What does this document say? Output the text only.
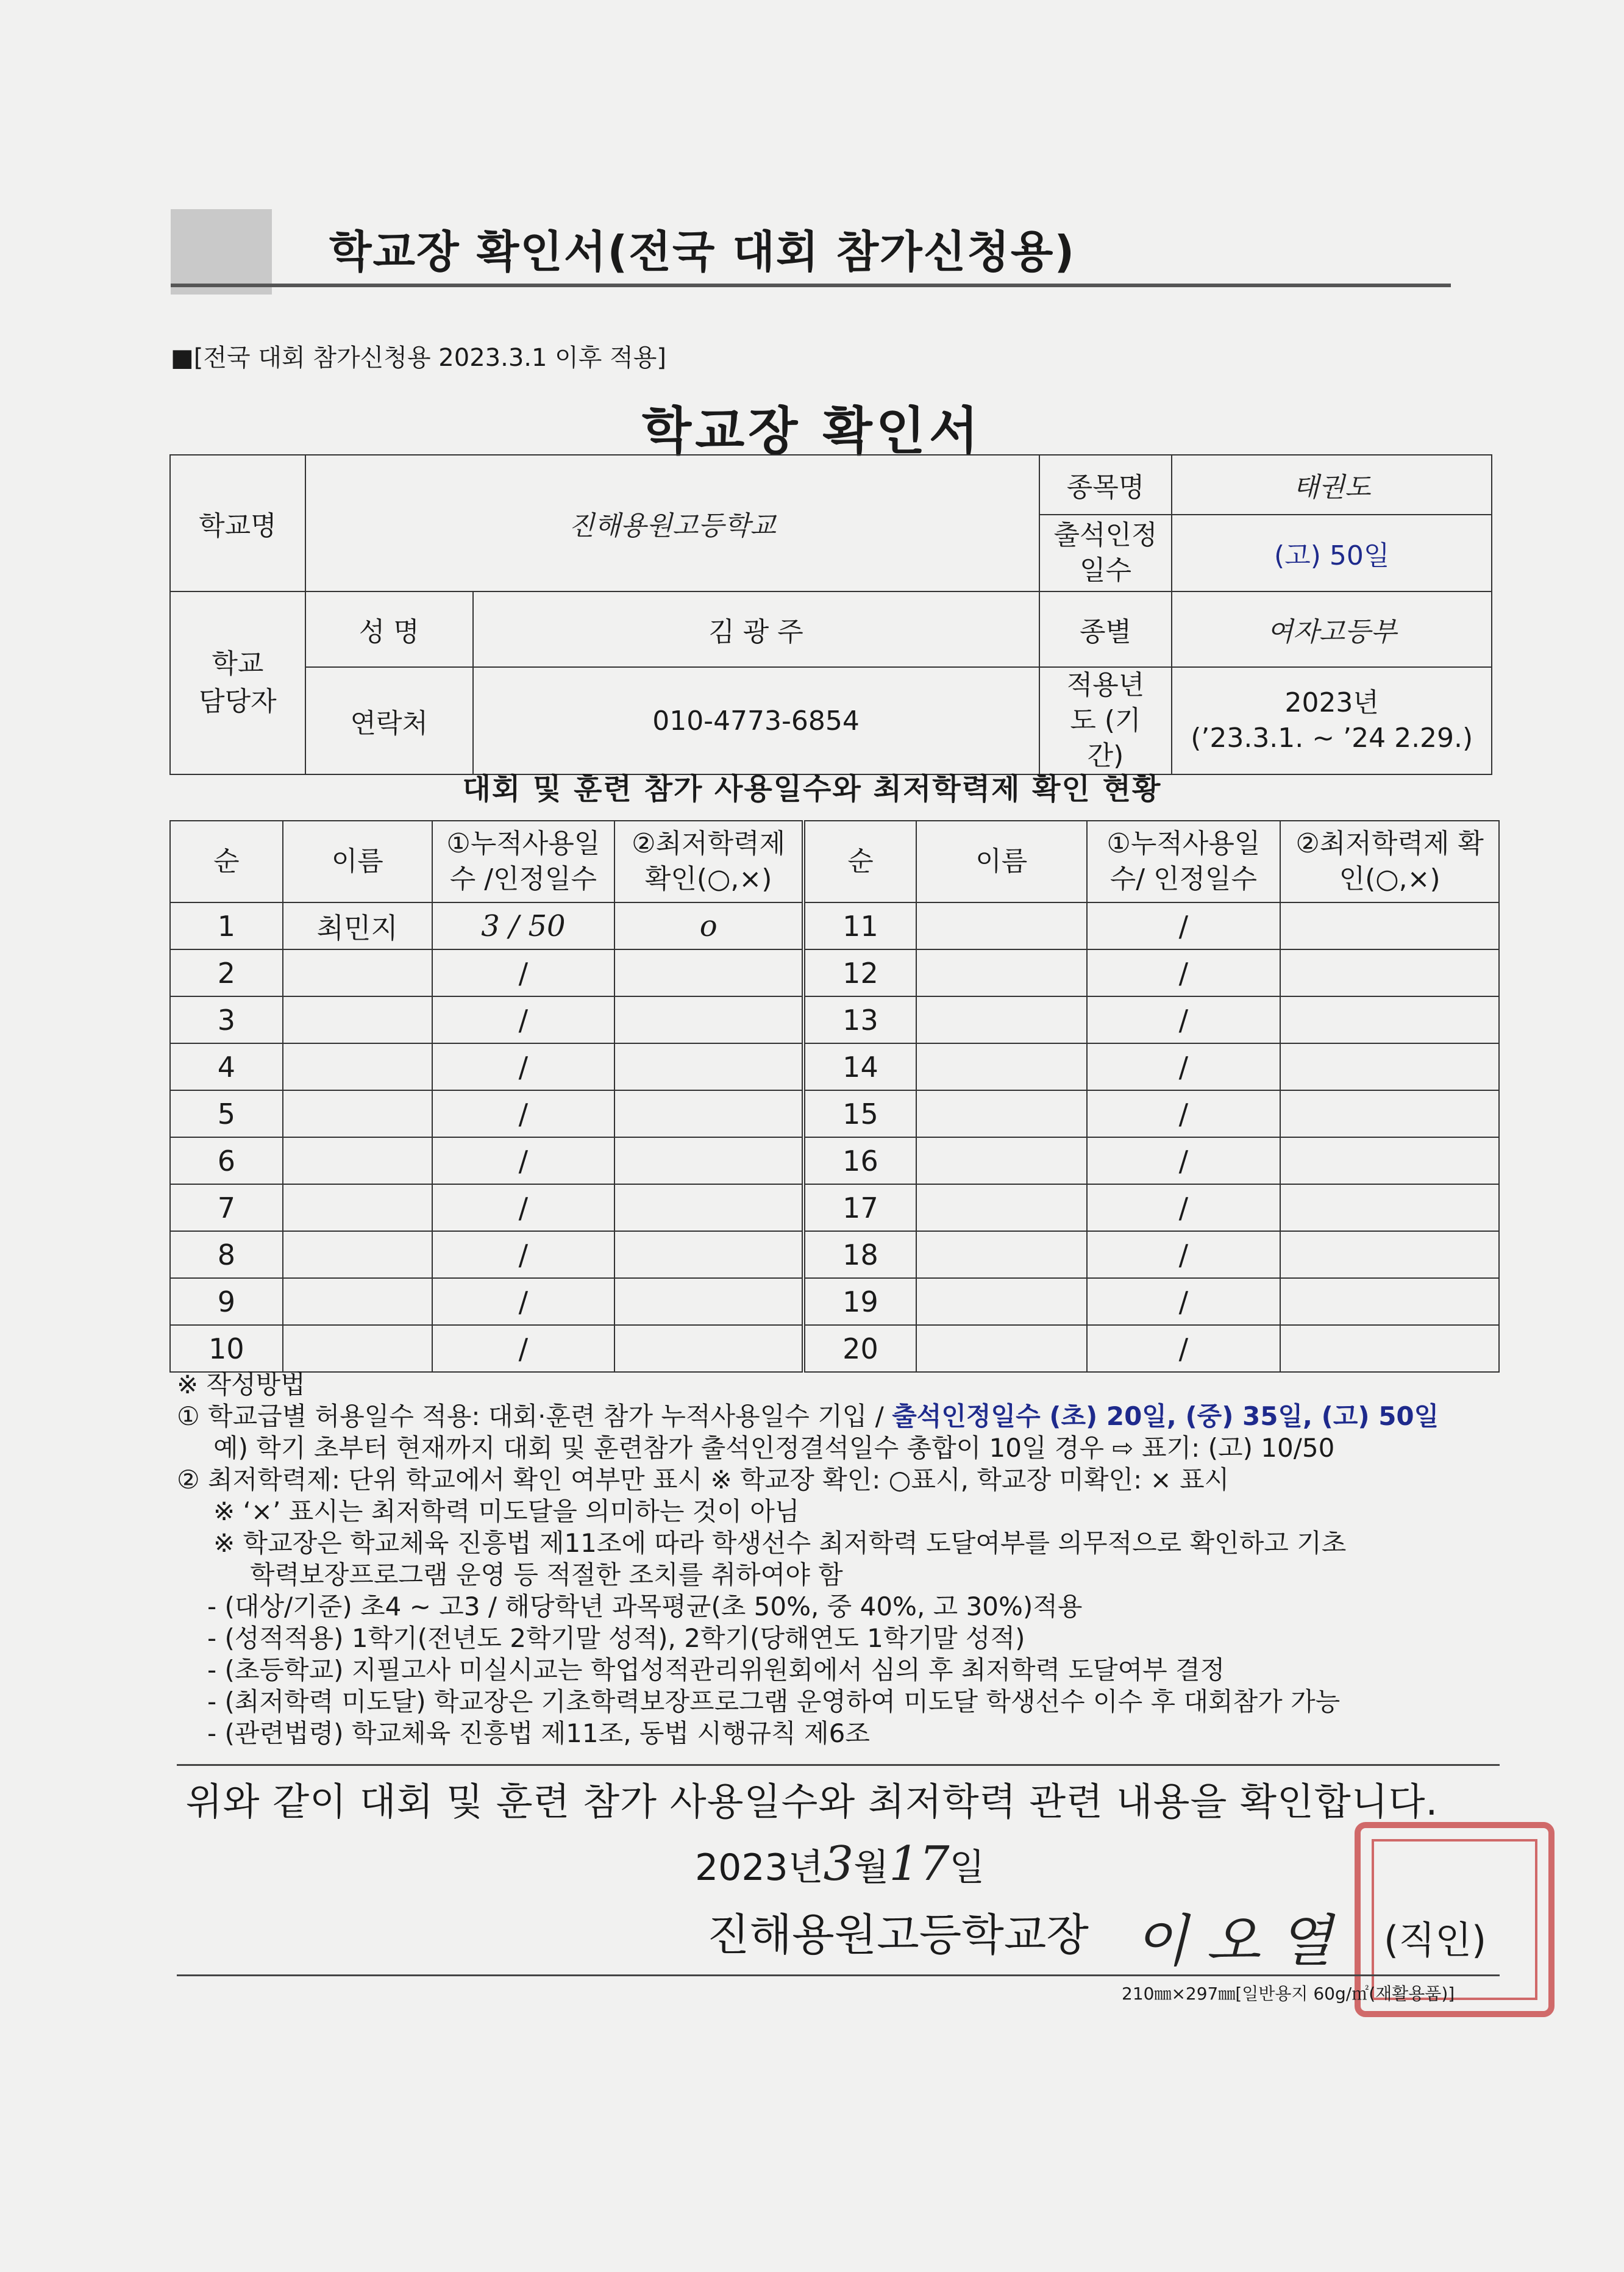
학교장 확인서(전국 대회 참가신청용)
■[전국 대회 참가신청용 2023.3.1 이후 적용]
학교장 확인서
학교명	진해용원고등학교		종목명	태권도
			출석인정 일수	(고) 50일
학교 담당자	성 명	김 광 주	종별	여자고등부
	연락처	010-4773-6854	적용년도 (기간)	2023년
(’23.3.1. ~ ’24 2.29.)
대회 및 훈련 참가 사용일수와 최저학력제 확인 현황
순	이름	①누적사용일수 /인정일수	②최저학력제 확인(○,×)	순	이름	①누적사용일수/ 인정일수	②최저학력제 확인(○,×)
1	최민지	3 / 50	o	11		/	
2		/		12		/	
3		/		13		/	
4		/		14		/	
5		/		15		/	
6		/		16		/	
7		/		17		/	
8		/		18		/	
9		/		19		/	
10		/		20		/	
※ 작성방법
① 학교급별 허용일수 적용: 대회·훈련 참가 누적사용일수 기입 / 출석인정일수 (초) 20일, (중) 35일, (고) 50일
예) 학기 초부터 현재까지 대회 및 훈련참가 출석인정결석일수 총합이 10일 경우 ⇨ 표기: (고) 10/50
② 최저학력제: 단위 학교에서 확인 여부만 표시 ※ 학교장 확인: ○표시, 학교장 미확인: × 표시
※ ‘×’ 표시는 최저학력 미도달을 의미하는 것이 아님
※ 학교장은 학교체육 진흥법 제11조에 따라 학생선수 최저학력 도달여부를 의무적으로 확인하고 기초
학력보장프로그램 운영 등 적절한 조치를 취하여야 함
- (대상/기준) 초4 ~ 고3 / 해당학년 과목평균(초 50%, 중 40%, 고 30%)적용
- (성적적용) 1학기(전년도 2학기말 성적), 2학기(당해연도 1학기말 성적)
- (초등학교) 지필고사 미실시교는 학업성적관리위원회에서 심의 후 최저학력 도달여부 결정
- (최저학력 미도달) 학교장은 기초학력보장프로그램 운영하여 미도달 학생선수 이수 후 대회참가 가능
- (관련법령) 학교체육 진흥법 제11조, 동법 시행규칙 제6조
위와 같이 대회 및 훈련 참가 사용일수와 최저학력 관련 내용을 확인합니다.
2023년3월17일
진해용원고등학교장 이 오 열 (직인)
210㎜×297㎜[일반용지 60g/㎡(재활용품)]
